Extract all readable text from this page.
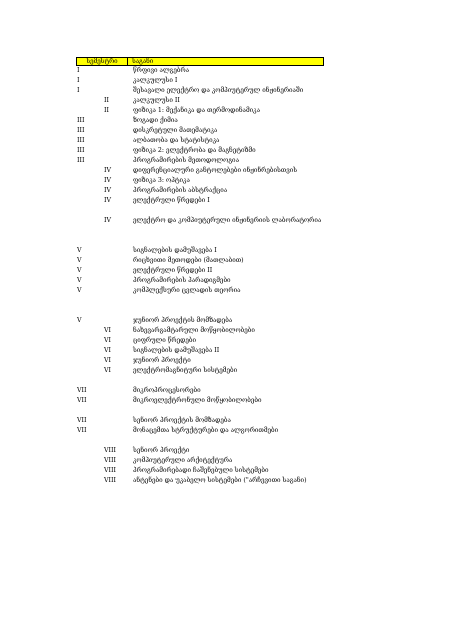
სემესტრი	საგანი
I	წრფივი ალგებრა
I	კალკულუსი I
I	შესავალი ელექტრო და კომპიუტერულ ინჟინერიაში
II	კალკულუსი II
II	ფიზიკა 1: მექანიკა და თერმოდინამიკა
III	ზოგადი ქიმია
III	დისკრეტული მათემატიკა
III	ალბათობა და სტატისტიკა
III	ფიზიკა 2: ელექტრობა და მაგნეტიზმი
III	პროგრამირების მეთოდოლოგია
IV	დიფერენციალური განტოლებები ინჟინრებისთვის
IV	ფიზიკა 3: ოპტიკა
IV	პროგრამირების აბსტრაქცია
IV	ელექტრული წრედები I
IV	ელექტრო და კომპიუტერული ინჟინერიის ლაბორატორია
V	სიგნალების დამუშავება I
V	რიცხვითი მეთოდები (მათლაბით)
V	ელექტრული წრედები II
V	პროგრამირების პარადიგმები
V	კომპლექსური ცვლადის თეორია
V	ჯუნიორ პროექტის მომზადება
VI	ნახევარგამტარული მოწყობილობები
VI	ციფრული წრედები
VI	სიგნალების დამუშავება II
VI	ჯუნიორ პროექტი
VI	ელექტრომაგნიტური სისტემები
VII	მიკროპროცესორები
VII	მიკროელექტრონული მოწყობილობები
VII	სენიორ პროექტის მომზადება
VII	მონაცემთა სტრუქტურები და ალგორითმები
VIII	სენიორ პროექტი
VIII	კომპიუტერული არქიტექტურა
VIII	პროგრამირებადი ჩაშენებული სისტემები
VIII	ანტენები და უკაბელო სისტემები ("არჩევითი საგანი)
